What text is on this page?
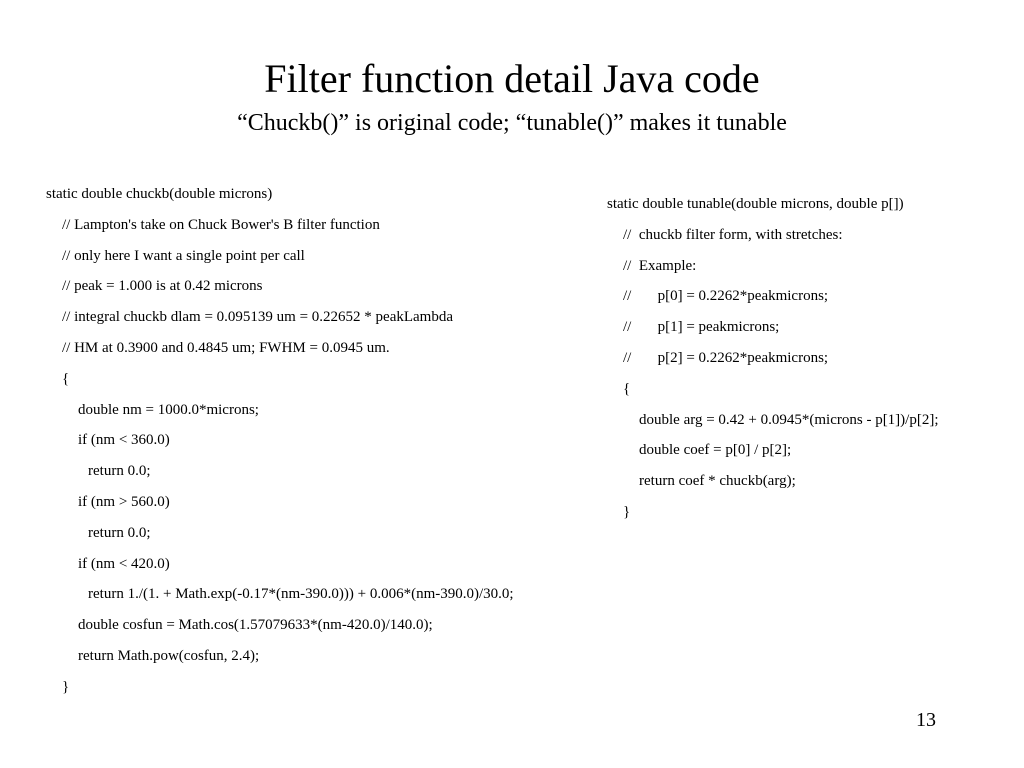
Filter function detail Java code
“Chuckb()” is original code; “tunable()” makes it tunable
static double chuckb(double microns)
// Lampton's take on Chuck Bower's B filter function
// only here I want a single point per call
// peak = 1.000 is at 0.42 microns
// integral chuckb dlam = 0.095139 um = 0.22652 * peakLambda
// HM at 0.3900 and 0.4845 um; FWHM = 0.0945 um.
{
double nm = 1000.0*microns;
if (nm < 360.0)
return 0.0;
if (nm > 560.0)
return 0.0;
if (nm < 420.0)
return 1./(1. + Math.exp(-0.17*(nm-390.0))) + 0.006*(nm-390.0)/30.0;
double cosfun = Math.cos(1.57079633*(nm-420.0)/140.0);
return Math.pow(cosfun, 2.4);
}
static double tunable(double microns, double p[])
//  chuckb filter form, with stretches:
//  Example:
//       p[0] = 0.2262*peakmicrons;
//       p[1] = peakmicrons;
//       p[2] = 0.2262*peakmicrons;
{
double arg = 0.42 + 0.0945*(microns - p[1])/p[2];
double coef = p[0] / p[2];
return coef * chuckb(arg);
}
13
